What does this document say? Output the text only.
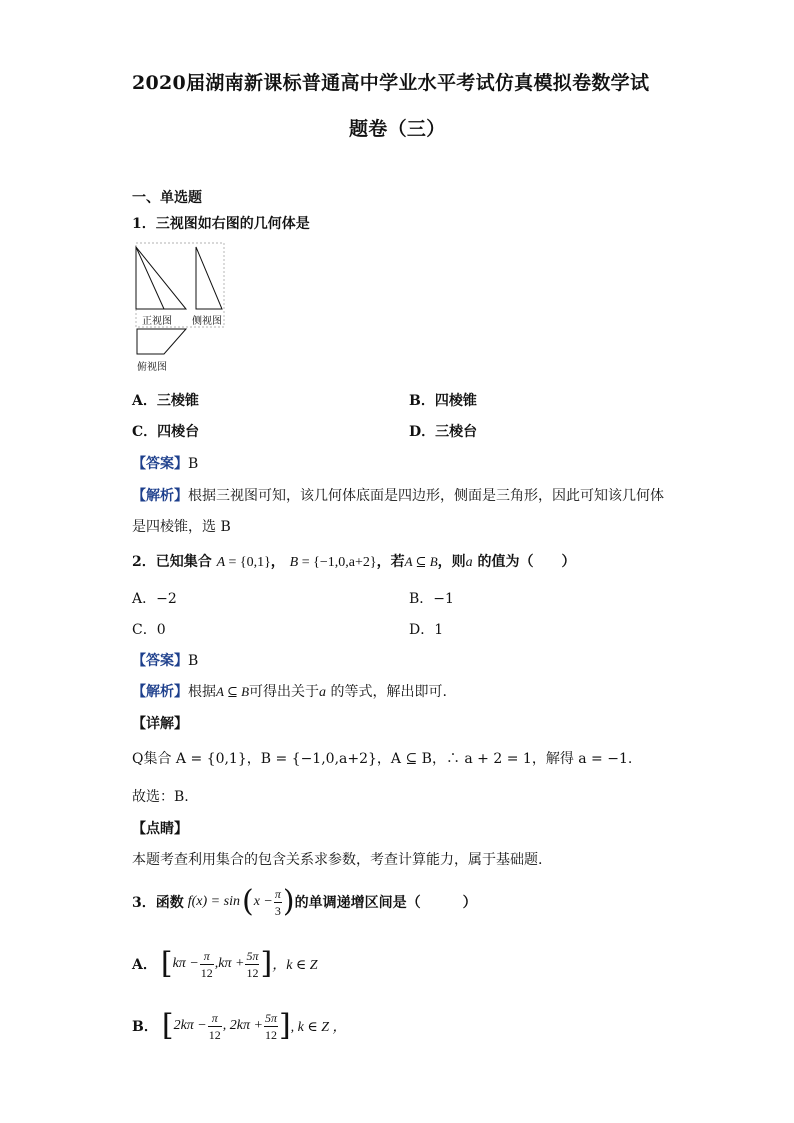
2020届湖南新课标普通高中学业水平考试仿真模拟卷数学试
题卷（三）
一、单选题
1．三视图如右图的几何体是
正视图 侧视图
俯视图
A．三棱锥	B．四棱锥
C．四棱台	D．三棱台
【答案】B
【解析】根据三视图可知，该几何体底面是四边形，侧面是三角形，因此可知该几何体
是四棱锥，选 B
2．已知集合 A = {0,1}， B = {−1,0,a+2}，若A ⊆ B，则a 的值为（　　）
A．−2	B．−1
C．0	D．1
【答案】B
【解析】根据A ⊆ B可得出关于a 的等式，解出即可.
【详解】
Q集合 A = {0,1}，B = {−1,0,a+2}，A ⊆ B，∴ a + 2 = 1，解得 a = −1.
故选：B.
【点睛】
本题考查利用集合的包含关系求参数，考查计算能力，属于基础题.
3． 函数 f(x) = sin ( $x - \frac{\pi}{3}$ ) 的单调递增区间是（　　　）
A． [ $k\pi - \frac{\pi}{12} ,k\pi + \frac{5\pi}{12}$ ] ，k ∈ Z
B． [ $2k\pi - \frac{\pi}{12}$ , $2k\pi + \frac{5\pi}{12}$ ] , k ∈ Z ，
